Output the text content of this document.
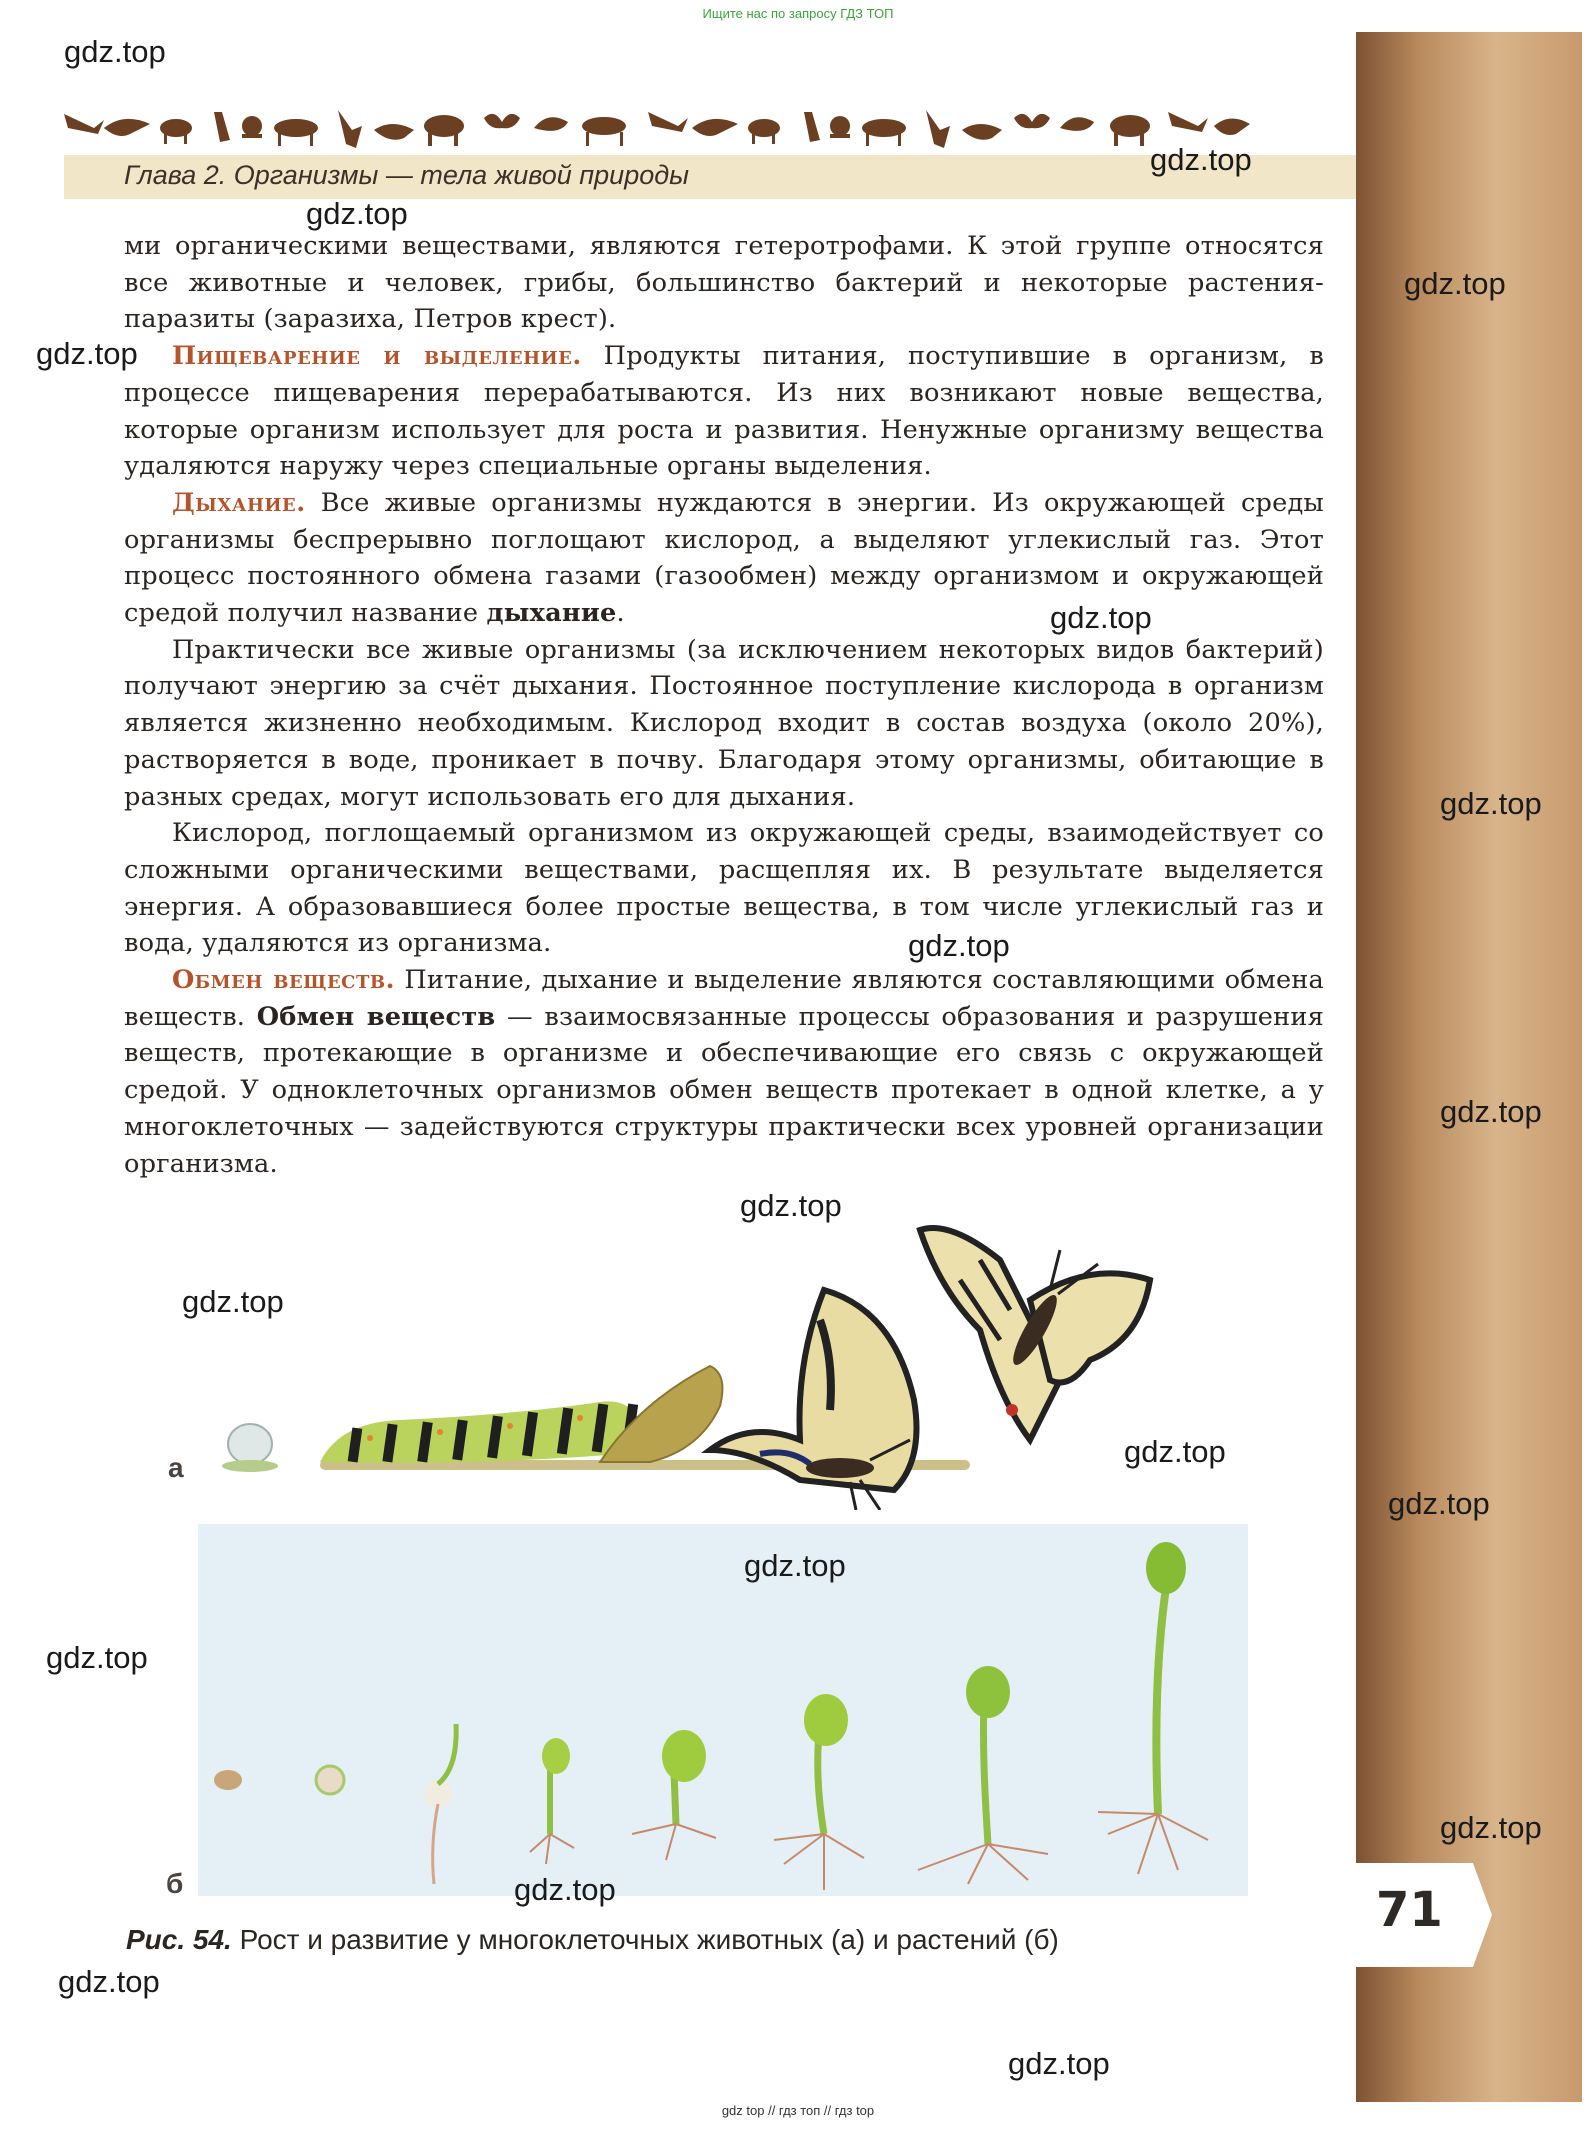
Ищите нас по запросу ГДЗ ТОП
Глава 2. Организмы — тела живой природы
71

ми органическими веществами, являются гетеротрофами. К этой группе относятся все животные и человек, грибы, большинство бактерий и некоторые растения-паразиты (заразиха, Петров крест).

Пищеварение и выделение. Продукты питания, поступившие в организм, в процессе пищеварения перерабатываются. Из них возникают новые вещества, которые организм использует для роста и развития. Ненужные организму вещества удаляются наружу через специальные органы выделения.

Дыхание. Все живые организмы нуждаются в энергии. Из окружающей среды организмы беспрерывно поглощают кислород, а выделяют углекислый газ. Этот процесс постоянного обмена газами (газообмен) между организмом и окружающей средой получил название дыхание.

Практически все живые организмы (за исключением некоторых видов бактерий) получают энергию за счёт дыхания. Постоянное поступление кислорода в организм является жизненно необходимым. Кислород входит в состав воздуха (около 20%), растворяется в воде, проникает в почву. Благодаря этому организмы, обитающие в разных средах, могут использовать его для дыхания.

Кислород, поглощаемый организмом из окружающей среды, взаимодействует со сложными органическими веществами, расщепляя их. В результате выделяется энергия. А образовавшиеся более простые вещества, в том числе углекислый газ и вода, удаляются из организма.

Обмен веществ. Питание, дыхание и выделение являются составляющими обмена веществ. Обмен веществ — взаимосвязанные процессы образования и разрушения веществ, протекающие в организме и обеспечивающие его связь с окружающей средой. У одноклеточных организмов обмен веществ протекает в одной клетке, а у многоклеточных — задействуются структуры практически всех уровней организации организма.

а
б
Рис. 54. Рост и развитие у многоклеточных животных (а) и растений (б)
gdz.top
gdz.top
gdz.top
gdz.top
gdz.top
gdz.top
gdz.top
gdz.top
gdz.top
gdz.top
gdz.top
gdz.top
gdz.top
gdz.top
gdz.top
gdz.top
gdz.top
gdz.top
gdz.top
gdz top // гдз топ // гдз top
